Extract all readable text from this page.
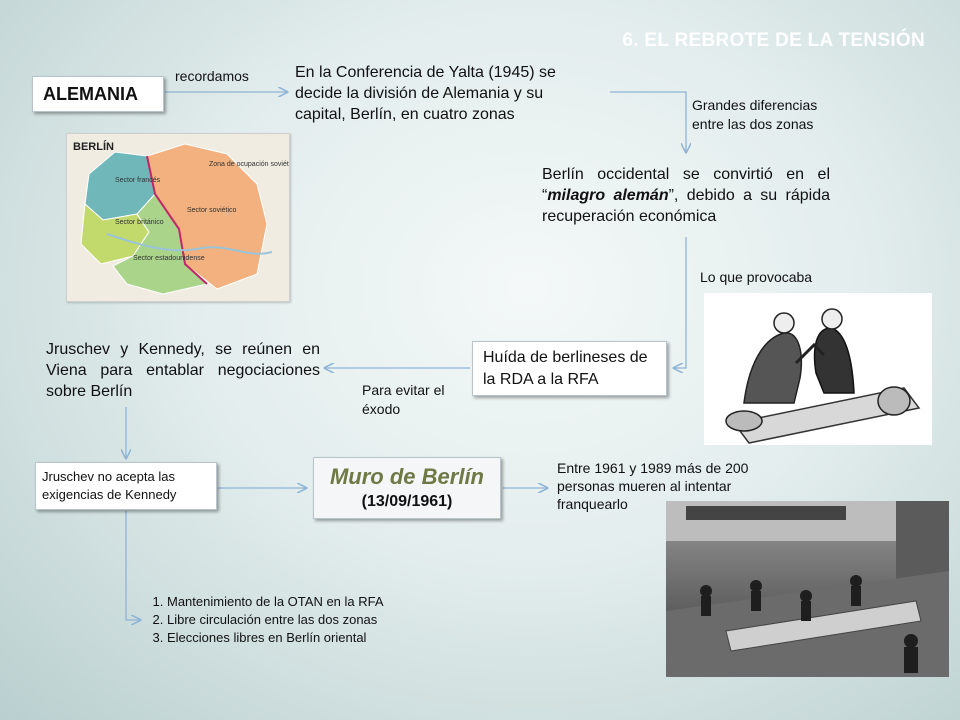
6. EL REBROTE DE LA TENSIÓN
ALEMANIA
recordamos	En la Conferencia de Yalta (1945) se decide la división de Alemania y su capital, Berlín, en cuatro zonas
Grandes diferencias entre las dos zonas
Berlín occidental se convirtió en el “milagro alemán”, debido a su rápida recuperación económica
Lo que provocaba
Huída de berlineses de la RDA a la RFA
Para evitar el éxodo
Jruschev y Kennedy, se reúnen en Viena para entablar negociaciones sobre Berlín
Jruschev no acepta las exigencias de Kennedy
Muro de Berlín
(13/09/1961)
Entre 1961 y 1989 más de 200 personas mueren al intentar franquearlo
1. Mantenimiento de la OTAN en la RFA
2. Libre circulación entre las dos zonas
3. Elecciones libres en Berlín oriental
BERLÍN
Zona de ocupación soviética
Sector francés
Sector soviético
Sector británico
Sector estadounidense
